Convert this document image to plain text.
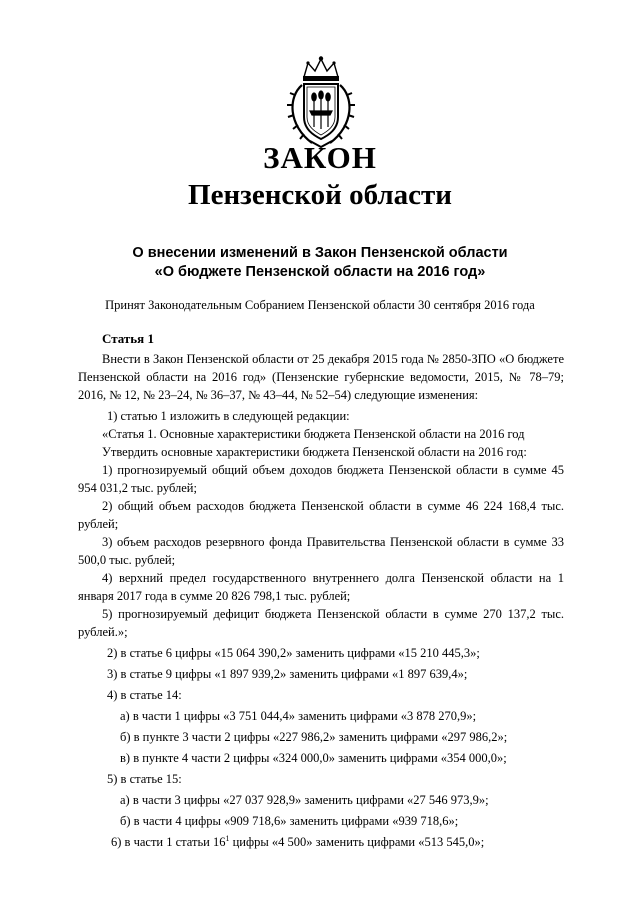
ЗАКОН
Пензенской области
О внесении изменений в Закон Пензенской области
«О бюджете Пензенской области на 2016 год»
Принят Законодательным Собранием Пензенской области 30 сентября 2016 года
Статья 1

Внести в Закон Пензенской области от 25 декабря 2015 года № 2850-ЗПО «О бюджете Пензенской области на 2016 год» (Пензенские губернские ведомости, 2015, № 78–79; 2016, № 12, № 23–24, № 36–37, № 43–44, № 52–54) следующие изменения:

1) статью 1 изложить в следующей редакции:

«Статья 1. Основные характеристики бюджета Пензенской области на 2016 год

Утвердить основные характеристики бюджета Пензенской области на 2016 год:

1) прогнозируемый общий объем доходов бюджета Пензенской области в сумме 45 954 031,2 тыс. рублей;

2) общий объем расходов бюджета Пензенской области в сумме 46 224 168,4 тыс. рублей;

3) объем расходов резервного фонда Правительства Пензенской области в сумме 33 500,0 тыс. рублей;

4) верхний предел государственного внутреннего долга Пензенской области на 1 января 2017 года в сумме 20 826 798,1 тыс. рублей;

5) прогнозируемый дефицит бюджета Пензенской области в сумме 270 137,2 тыс. рублей.»;

2) в статье 6 цифры «15 064 390,2» заменить цифрами «15 210 445,3»;

3) в статье 9 цифры «1 897 939,2» заменить цифрами «1 897 639,4»;

4) в статье 14:

а) в части 1 цифры «3 751 044,4» заменить цифрами «3 878 270,9»;

б) в пункте 3 части 2 цифры «227 986,2» заменить цифрами «297 986,2»;

в) в пункте 4 части 2 цифры «324 000,0» заменить цифрами «354 000,0»;

5) в статье 15:

а) в части 3 цифры «27 037 928,9» заменить цифрами «27 546 973,9»;

б) в части 4 цифры «909 718,6» заменить цифрами «939 718,6»;

6) в части 1 статьи $16^1$ цифры «4 500» заменить цифрами «513 545,0»;
